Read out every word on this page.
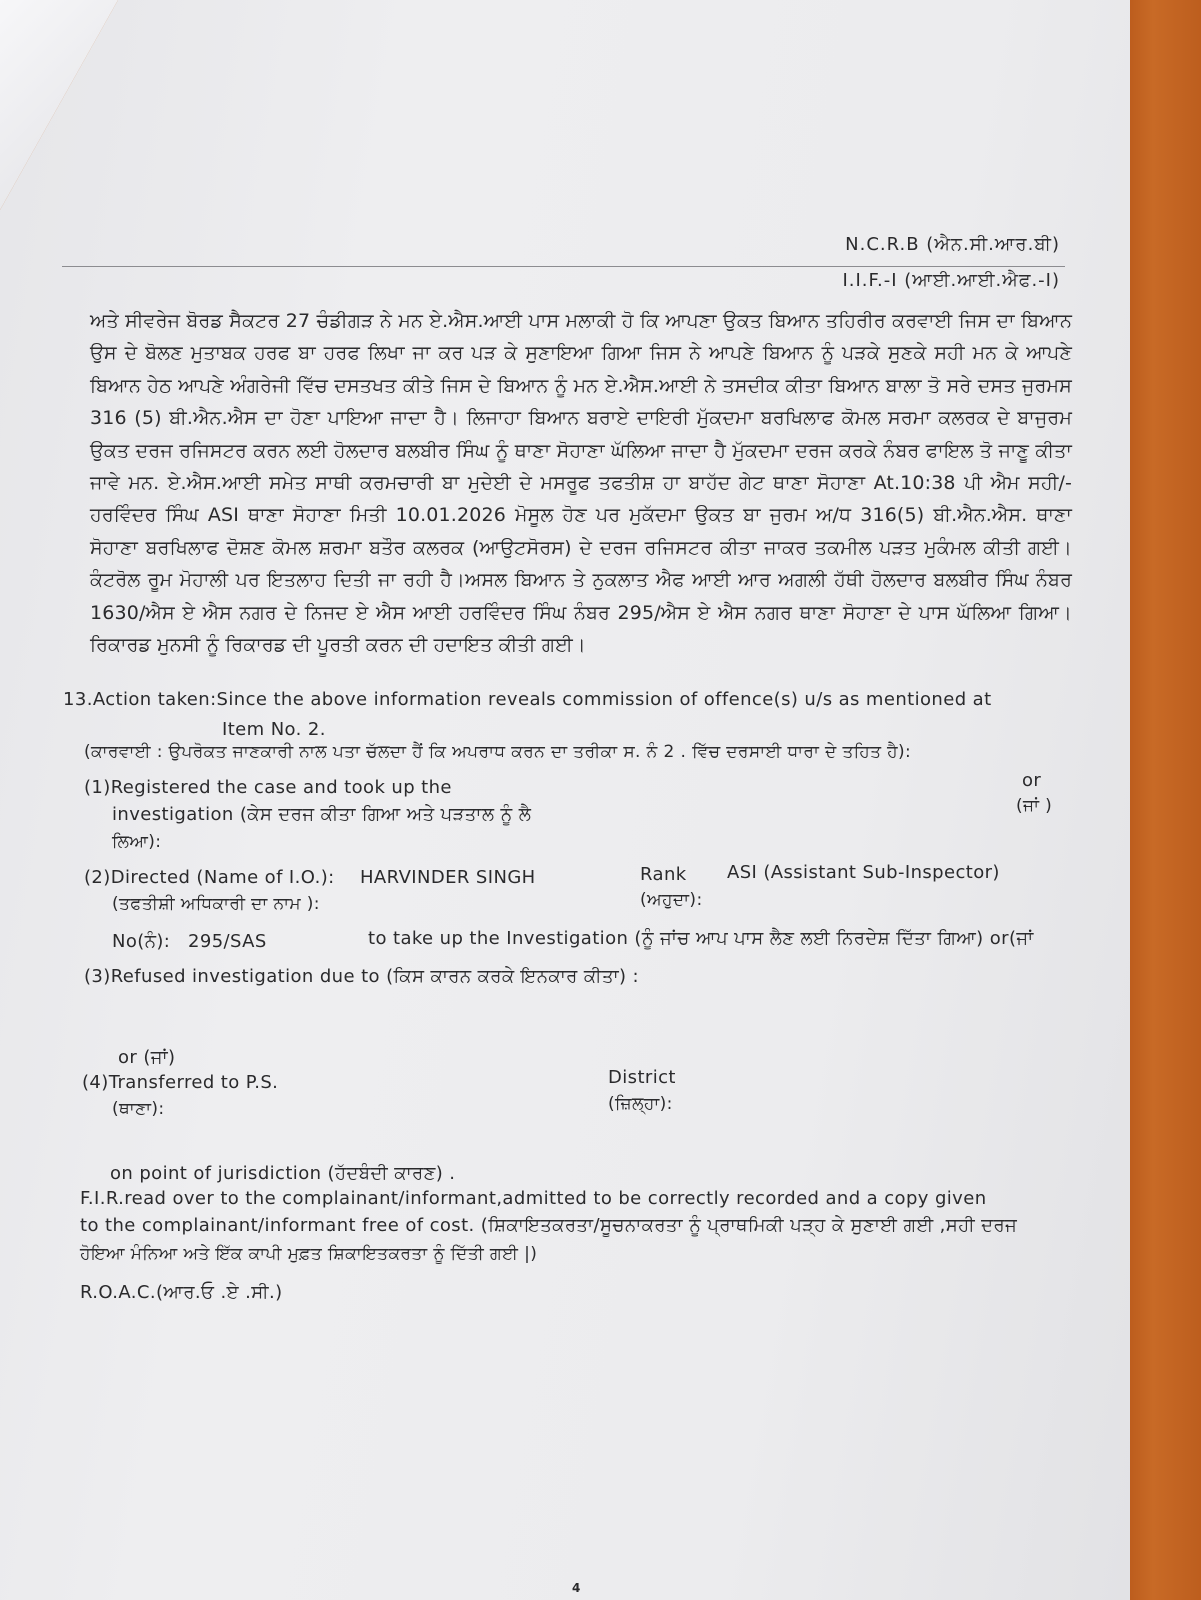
N.C.R.B (ਐਨ.ਸੀ.ਆਰ.ਬੀ)
I.I.F.-I (ਆਈ.ਆਈ.ਐਫ.-I)
ਅਤੇ ਸੀਵਰੇਜ ਬੋਰਡ ਸੈਕਟਰ 27 ਚੰਡੀਗੜ ਨੇ ਮਨ ਏ.ਐਸ.ਆਈ ਪਾਸ ਮਲਾਕੀ ਹੋ ਕਿ ਆਪਣਾ ਉਕਤ ਬਿਆਨ ਤਹਿਰੀਰ ਕਰਵਾਈ ਜਿਸ ਦਾ ਬਿਆਨ ਉਸ ਦੇ ਬੋਲਣ ਮੁਤਾਬਕ ਹਰਫ ਬਾ ਹਰਫ ਲਿਖਾ ਜਾ ਕਰ ਪੜ ਕੇ ਸੁਣਾਇਆ ਗਿਆ ਜਿਸ ਨੇ ਆਪਣੇ ਬਿਆਨ ਨੂੰ ਪੜਕੇ ਸੁਣਕੇ ਸਹੀ ਮਨ ਕੇ ਆਪਣੇ ਬਿਆਨ ਹੇਠ ਆਪਣੇ ਅੰਗਰੇਜੀ ਵਿੱਚ ਦਸਤਖਤ ਕੀਤੇ ਜਿਸ ਦੇ ਬਿਆਨ ਨੂੰ ਮਨ ਏ.ਐਸ.ਆਈ ਨੇ ਤਸਦੀਕ ਕੀਤਾ ਬਿਆਨ ਬਾਲਾ ਤੋ ਸਰੇ ਦਸਤ ਜੁਰਮਸ 316 (5) ਬੀ.ਐਨ.ਐਸ ਦਾ ਹੋਣਾ ਪਾਇਆ ਜਾਦਾ ਹੈ। ਲਿਜਾਹਾ ਬਿਆਨ ਬਰਾਏ ਦਾਇਰੀ ਮੁੱਕਦਮਾ ਬਰਖਿਲਾਫ ਕੋਮਲ ਸਰਮਾ ਕਲਰਕ ਦੇ ਬਾਜੁਰਮ ਉਕਤ ਦਰਜ ਰਜਿਸਟਰ ਕਰਨ ਲਈ ਹੋਲਦਾਰ ਬਲਬੀਰ ਸਿੰਘ ਨੂੰ ਥਾਣਾ ਸੋਹਾਣਾ ਘੱਲਿਆ ਜਾਦਾ ਹੈ ਮੁੱਕਦਮਾ ਦਰਜ ਕਰਕੇ ਨੰਬਰ ਫਾਇਲ ਤੋ ਜਾਣੂ ਕੀਤਾ ਜਾਵੇ ਮਨ. ਏ.ਐਸ.ਆਈ ਸਮੇਤ ਸਾਥੀ ਕਰਮਚਾਰੀ ਬਾ ਮੁਦੇਈ ਦੇ ਮਸਰੂਫ ਤਫਤੀਸ਼ ਹਾ ਬਾਹੱਦ ਗੇਟ ਥਾਣਾ ਸੋਹਾਣਾ At.10:38 ਪੀ ਐਮ ਸਹੀ/-ਹਰਵਿੰਦਰ ਸਿੰਘ ASI ਥਾਣਾ ਸੋਹਾਣਾ ਮਿਤੀ 10.01.2026 ਮੋਸੂਲ ਹੋਣ ਪਰ ਮੁਕੱਦਮਾ ਉਕਤ ਬਾ ਜੁਰਮ ਅ/ਧ 316(5) ਬੀ.ਐਨ.ਐਸ. ਥਾਣਾ ਸੋਹਾਣਾ ਬਰਖਿਲਾਫ ਦੋਸ਼ਣ ਕੋਮਲ ਸ਼ਰਮਾ ਬਤੌਰ ਕਲਰਕ (ਆਉਟਸੋਰਸ) ਦੇ ਦਰਜ ਰਜਿਸਟਰ ਕੀਤਾ ਜਾਕਰ ਤਕਮੀਲ ਪੜਤ ਮੁਕੰਮਲ ਕੀਤੀ ਗਈ।ਕੰਟਰੋਲ ਰੂਮ ਮੋਹਾਲੀ ਪਰ ਇਤਲਾਹ ਦਿਤੀ ਜਾ ਰਹੀ ਹੈ।ਅਸਲ ਬਿਆਨ ਤੇ ਨੁਕਲਾਤ ਐਫ ਆਈ ਆਰ ਅਗਲੀ ਹੱਥੀ ਹੋਲਦਾਰ ਬਲਬੀਰ ਸਿੰਘ ਨੰਬਰ 1630/ਐਸ ਏ ਐਸ ਨਗਰ ਦੇ ਨਿਜਦ ਏ ਐਸ ਆਈ ਹਰਵਿੰਦਰ ਸਿੰਘ ਨੰਬਰ 295/ਐਸ ਏ ਐਸ ਨਗਰ ਥਾਣਾ ਸੋਹਾਣਾ ਦੇ ਪਾਸ ਘੱਲਿਆ ਗਿਆ।ਰਿਕਾਰਡ ਮੁਨਸੀ ਨੂੰ ਰਿਕਾਰਡ ਦੀ ਪੂਰਤੀ ਕਰਨ ਦੀ ਹਦਾਇਤ ਕੀਤੀ ਗਈ।
13.Action taken:Since the above information reveals commission of offence(s) u/s as mentioned at
Item No. 2.
(ਕਾਰਵਾਈ : ਉਪਰੋਕਤ ਜਾਣਕਾਰੀ ਨਾਲ ਪਤਾ ਚੱਲਦਾ ਹੈਂ ਕਿ ਅਪਰਾਧ ਕਰਨ ਦਾ ਤਰੀਕਾ ਸ. ਨੰ 2 . ਵਿੱਚ ਦਰਸਾਈ ਧਾਰਾ ਦੇ ਤਹਿਤ ਹੈ):
(1)Registered the case and took up the
investigation (ਕੇਸ ਦਰਜ ਕੀਤਾ ਗਿਆ ਅਤੇ ਪੜਤਾਲ ਨੂੰ ਲੈ
ਲਿਆ):
or
(ਜਾਂ )
(2)Directed (Name of I.O.): HARVINDER SINGH
(ਤਫਤੀਸ਼ੀ ਅਧਿਕਾਰੀ ਦਾ ਨਾਮ ):
Rank ASI (Assistant Sub-Inspector)
(ਅਹੁਦਾ):
No(ਨੰ): 295/SAS	to take up the Investigation (ਨੂੰ ਜਾਂਚ ਆਪ ਪਾਸ ਲੈਣ ਲਈ ਨਿਰਦੇਸ਼ ਦਿੱਤਾ ਗਿਆ) or(ਜਾਂ
(3)Refused investigation due to (ਕਿਸ ਕਾਰਨ ਕਰਕੇ ਇਨਕਾਰ ਕੀਤਾ) :
or (ਜਾਂ)
(4)Transferred to P.S.
(ਥਾਣਾ):
District
(ਜ਼ਿਲ੍ਹਾ):
on point of jurisdiction (ਹੱਦਬੰਦੀ ਕਾਰਣ) .
F.I.R.read over to the complainant/informant,admitted to be correctly recorded and a copy given
to the complainant/informant free of cost. (ਸ਼ਿਕਾਇਤਕਰਤਾ/ਸੂਚਨਾਕਰਤਾ ਨੂੰ ਪ੍ਰਾਥਮਿਕੀ ਪੜ੍ਹ ਕੇ ਸੁਣਾਈ ਗਈ ,ਸਹੀ ਦਰਜ
ਹੋਇਆ ਮੰਨਿਆ ਅਤੇ ਇੱਕ ਕਾਪੀ ਮੁਫ਼ਤ ਸ਼ਿਕਾਇਤਕਰਤਾ ਨੂੰ ਦਿੱਤੀ ਗਈ |)
R.O.A.C.(ਆਰ.ਓ .ਏ .ਸੀ.)
4
